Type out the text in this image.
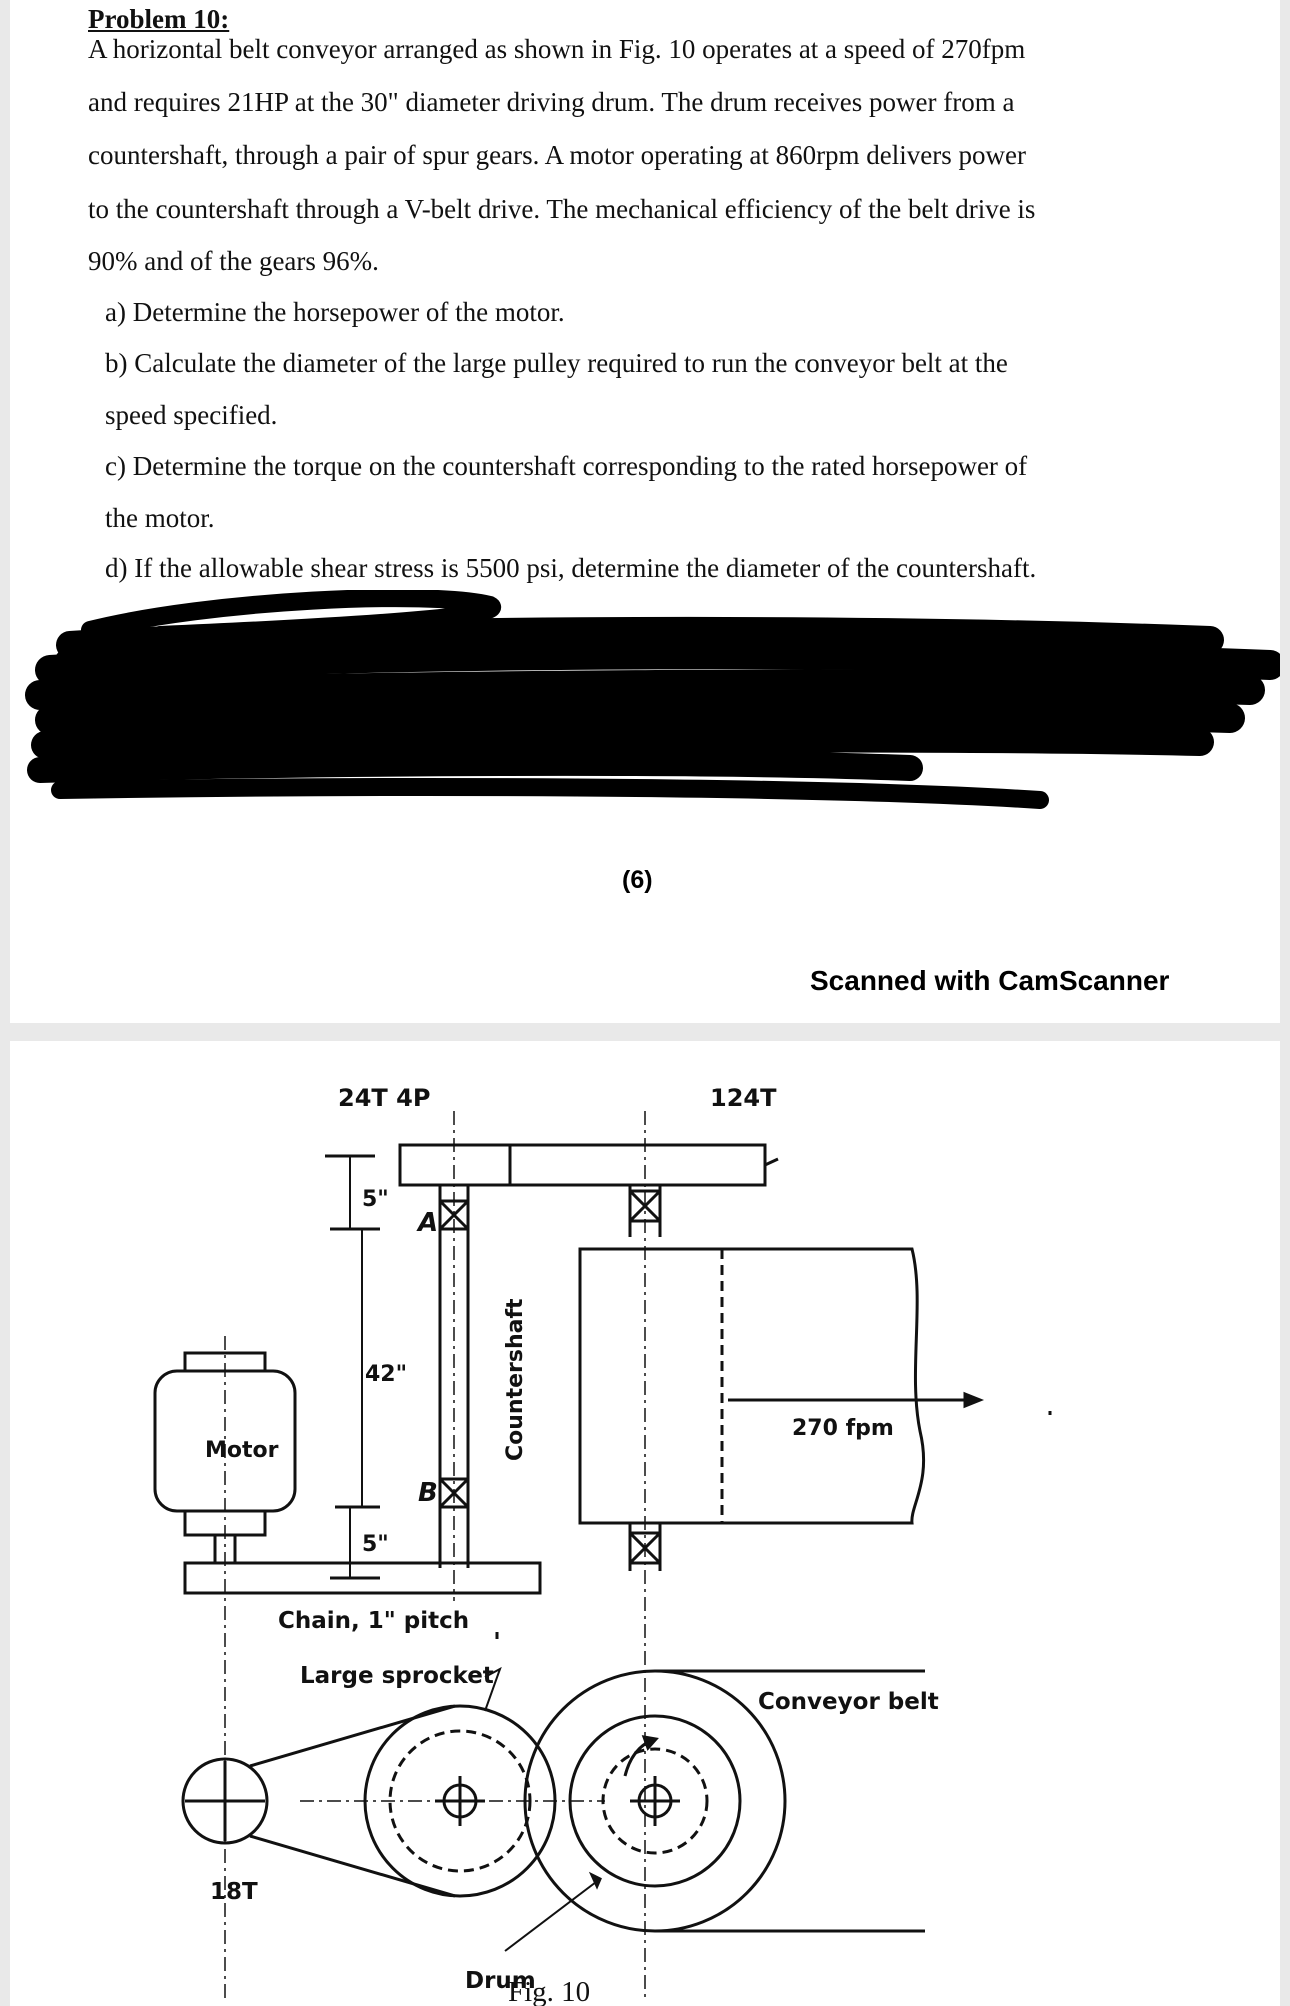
Problem 10:
A horizontal belt conveyor arranged as shown in Fig. 10 operates at a speed of 270fpm
and requires 21HP at the 30" diameter driving drum. The drum receives power from a
countershaft, through a pair of spur gears. A motor operating at 860rpm delivers power
to the countershaft through a V-belt drive. The mechanical efficiency of the belt drive is
90% and of the gears 96%.
a) Determine the horsepower of the motor.
b) Calculate the diameter of the large pulley required to run the conveyor belt at the
speed specified.
c) Determine the torque on the countershaft corresponding to the rated horsepower of
the motor.
d) If the allowable shear stress is 5500 psi, determine the diameter of the countershaft.
(6)
Scanned with CamScanner
24T 4P	124T
5"
A
42"
B
5"
Countershaft
Motor
270 fpm
Chain, 1" pitch
Large sprocket
Conveyor belt
18T
Drum
Fig. 10
